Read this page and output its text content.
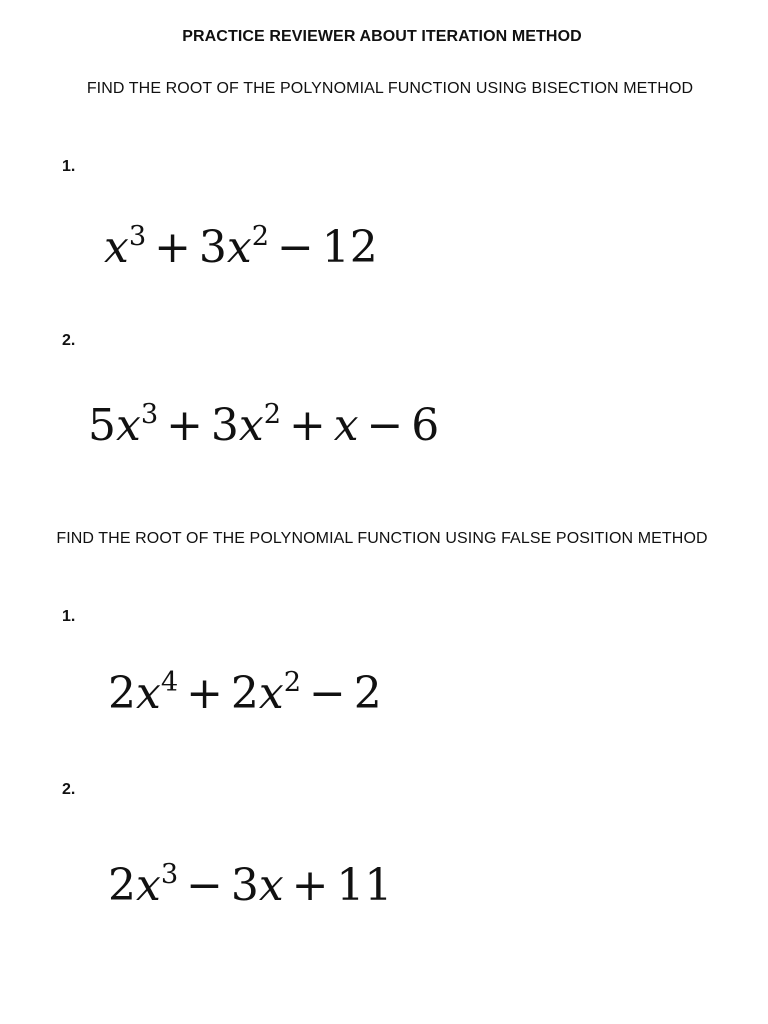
PRACTICE REVIEWER ABOUT ITERATION METHOD
FIND THE ROOT OF THE POLYNOMIAL FUNCTION USING BISECTION METHOD
1.
$x^3 + 3x^2 - 12$
2.
$5x^3 + 3x^2 + x - 6$
FIND THE ROOT OF THE POLYNOMIAL FUNCTION USING FALSE POSITION METHOD
1.
$2x^4 + 2x^2 - 2$
2.
$2x^3 - 3x + 11$
